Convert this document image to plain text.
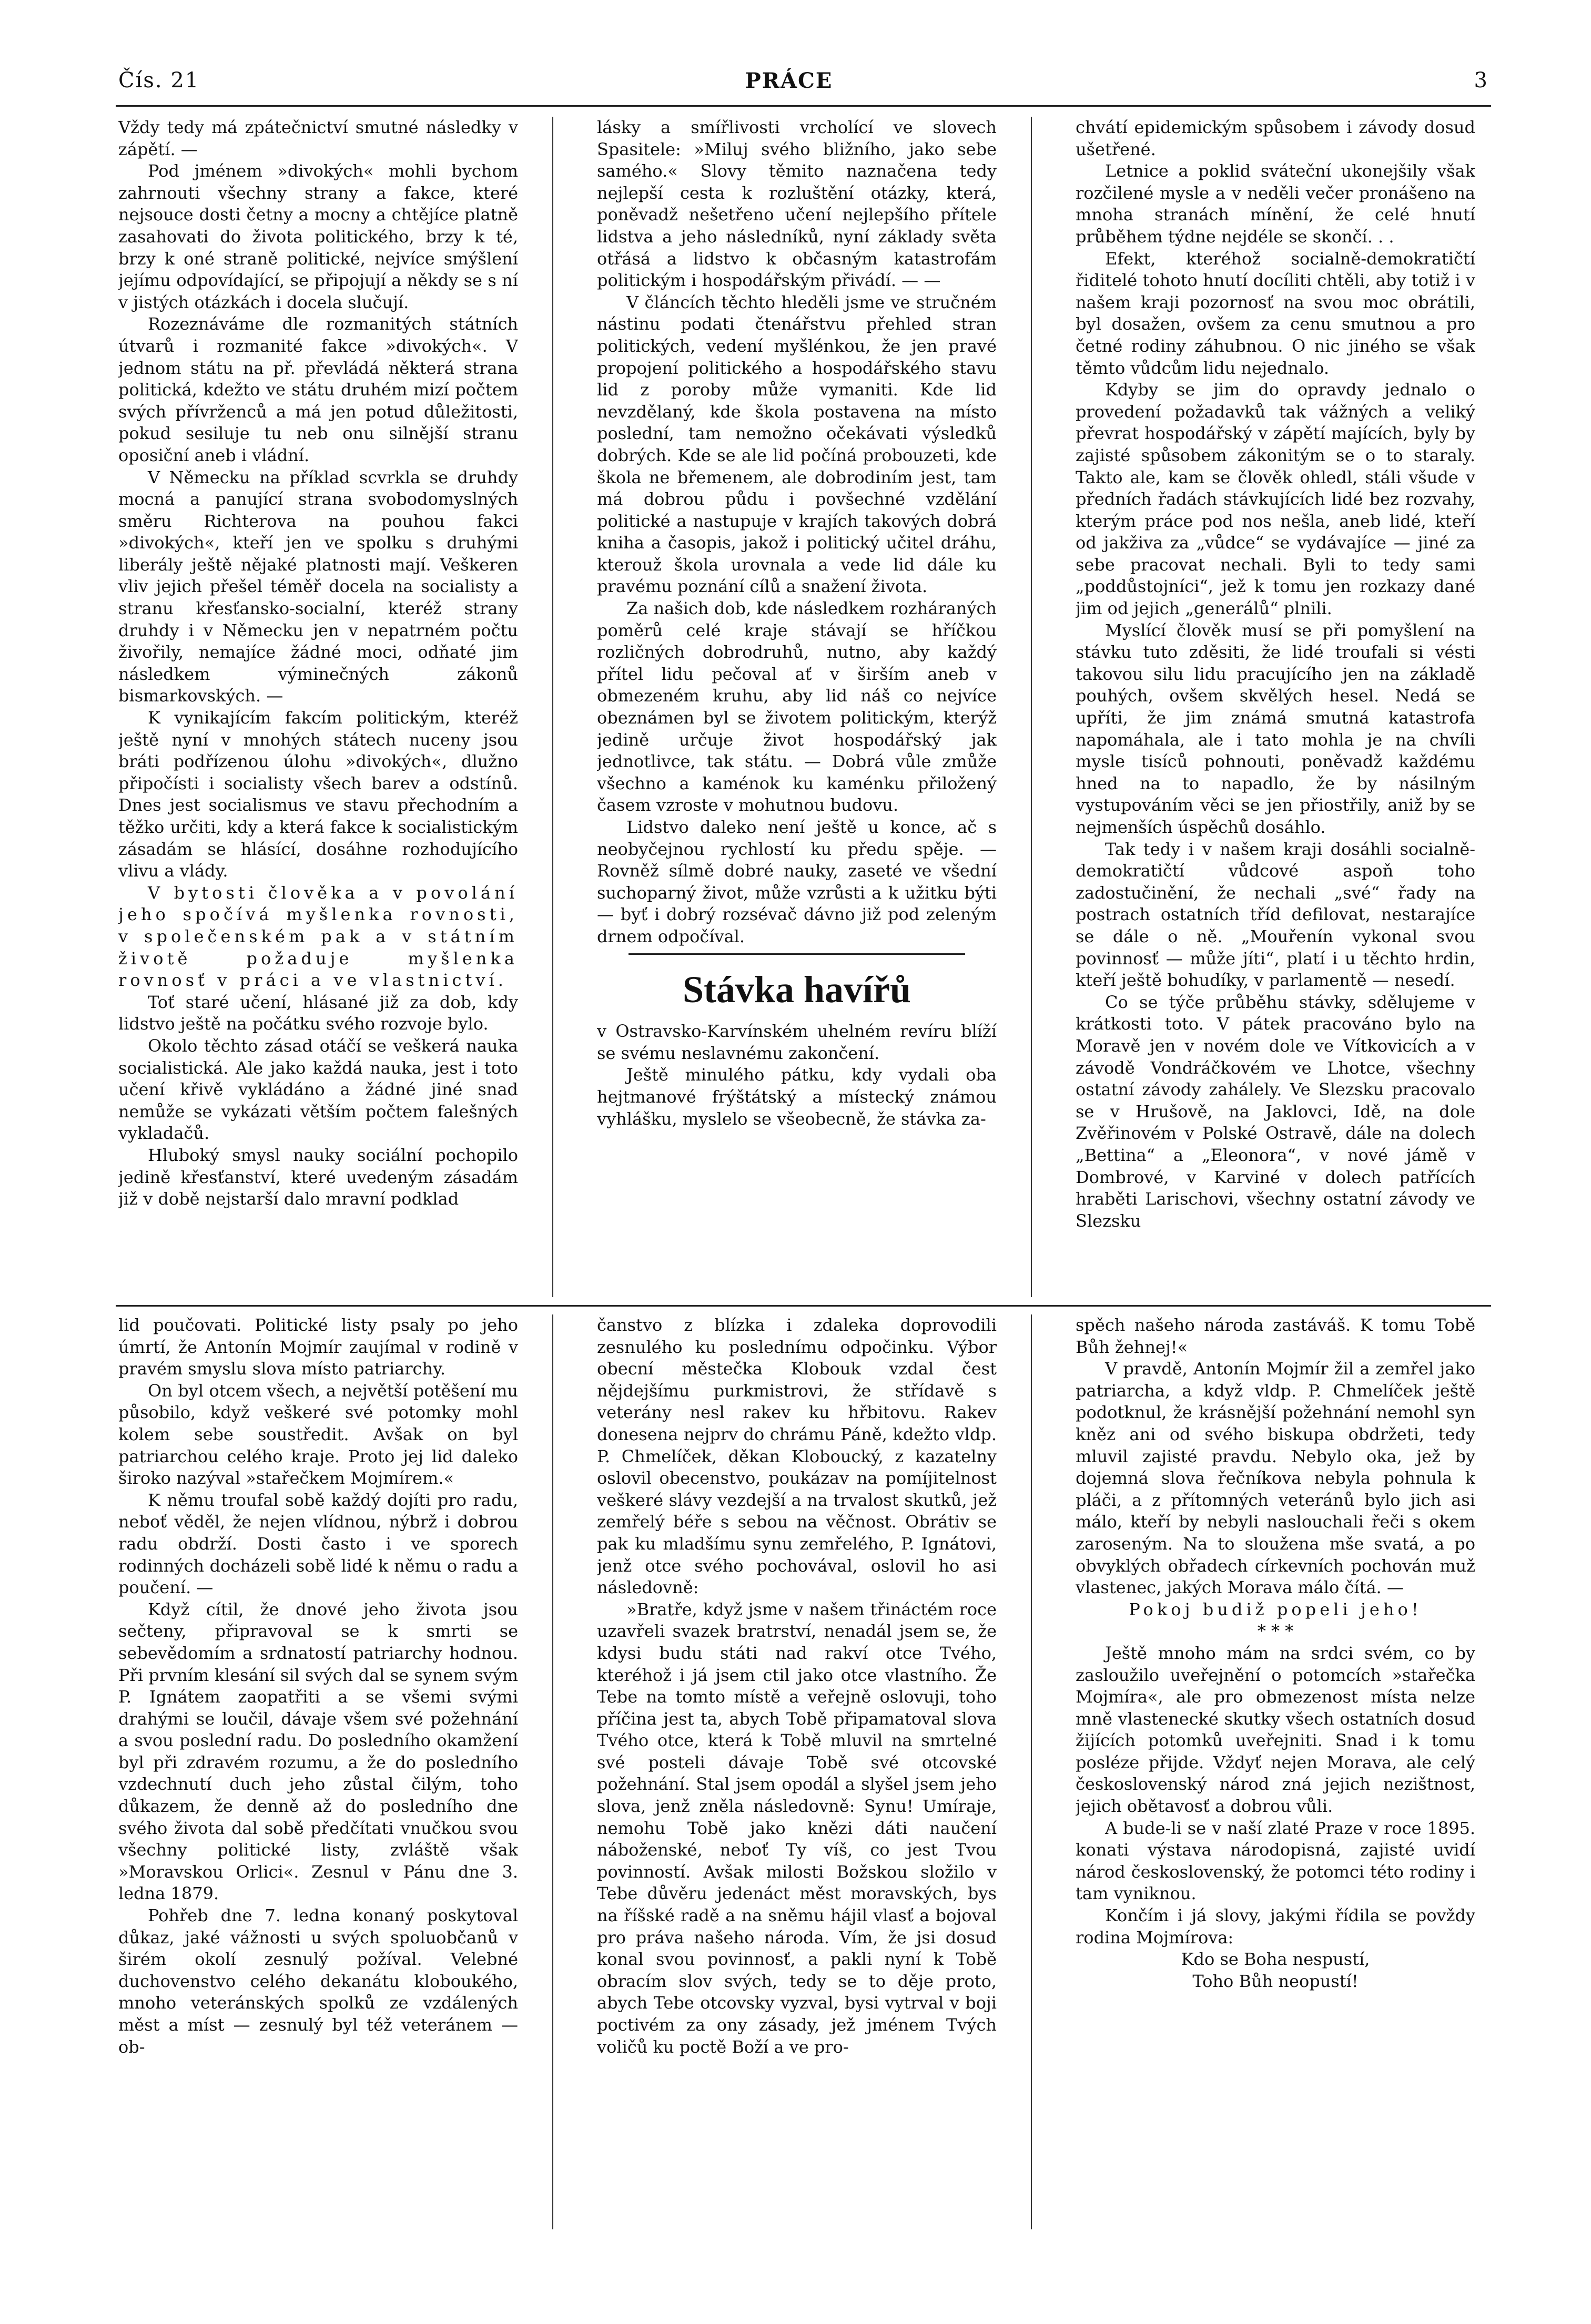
Čís. 21	PRÁCE	3

Vždy tedy má zpátečnictví smutné následky v zápětí. —

Pod jménem »divokých« mohli bychom zahrnouti všechny strany a fakce, které nejsouce dosti četny a mocny a chtějíce platně zasahovati do života politického, brzy k té, brzy k oné straně politické, nejvíce smýšlení jejímu odpovídající, se připojují a někdy se s ní v jistých otázkách i docela slučují.

Rozeznáváme dle rozmanitých státních útvarů i rozmanité fakce »divokých«. V jednom státu na př. převládá některá strana politická, kdežto ve státu druhém mizí počtem svých přívrženců a má jen potud důležitosti, pokud sesiluje tu neb onu silnější stranu oposiční aneb i vládní.

V Německu na příklad scvrkla se druhdy mocná a panující strana svobodomyslných směru Richterova na pouhou fakci »divokých«, kteří jen ve spolku s druhými liberály ještě nějaké platnosti mají. Veškeren vliv jejich přešel téměř docela na socialisty a stranu křesťansko-socialní, kteréž strany druhdy i v Německu jen v nepatrném počtu živořily, nemajíce žádné moci, odňaté jim následkem výminečných zákonů bismarkovských. —

K vynikajícím fakcím politickým, kteréž ještě nyní v mnohých státech nuceny jsou bráti podřízenou úlohu »divokých«, dlužno připočísti i socialisty všech barev a odstínů. Dnes jest socialismus ve stavu přechodním a těžko určiti, kdy a která fakce k socialistickým zásadám se hlásící, dosáhne rozhodujícího vlivu a vlády.

V bytosti člověka a v povolání jeho spočívá myšlenka rovnosti, v společenském pak a v státním životě požaduje myšlenka rovnosť v práci a ve vlastnictví.

Toť staré učení, hlásané již za dob, kdy lidstvo ještě na počátku svého rozvoje bylo.

Okolo těchto zásad otáčí se veškerá nauka socialistická. Ale jako každá nauka, jest i toto učení křivě vykládáno a žádné jiné snad nemůže se vykázati větším počtem falešných vykladačů.

Hluboký smysl nauky sociální pochopilo jedině křesťanství, které uvedeným zásadám již v době nejstarší dalo mravní podklad

lásky a smířlivosti vrcholící ve slovech Spasitele: »Miluj svého bližního, jako sebe samého.« Slovy těmito naznačena tedy nejlepší cesta k rozluštění otázky, která, poněvadž nešetřeno učení nejlepšího přítele lidstva a jeho následníků, nyní základy světa otřásá a lidstvo k občasným katastrofám politickým i hospodářským přivádí. — —

V článcích těchto hleděli jsme ve stručném nástinu podati čtenářstvu přehled stran politických, vedení myšlénkou, že jen pravé propojení politického a hospodářského stavu lid z poroby může vymaniti. Kde lid nevzdělaný, kde škola postavena na místo poslední, tam nemožno očekávati výsledků dobrých. Kde se ale lid počíná probouzeti, kde škola ne břemenem, ale dobrodiním jest, tam má dobrou půdu i povšechné vzdělání politické a nastupuje v krajích takových dobrá kniha a časopis, jakož i politický učitel dráhu, kterouž škola urovnala a vede lid dále ku pravému poznání cílů a snažení života.

Za našich dob, kde následkem rozháraných poměrů celé kraje stávají se hříčkou rozličných dobrodruhů, nutno, aby každý přítel lidu pečoval ať v širším aneb v obmezeném kruhu, aby lid náš co nejvíce obeznámen byl se životem politickým, kterýž jedině určuje život hospodářský jak jednotlivce, tak státu. — Dobrá vůle zmůže všechno a kaménok ku kaménku přiložený časem vzroste v mohutnou budovu.

Lidstvo daleko není ještě u konce, ač s neobyčejnou rychlostí ku předu spěje. — Rovněž sílmě dobré nauky, zaseté ve všední suchoparný život, může vzrůsti a k užitku býti — byť i dobrý rozsévač dávno již pod zeleným drnem odpočíval.

Stávka havířů

v Ostravsko-Karvínském uhelném revíru blíží se svému neslavnému zakončení.

Ještě minulého pátku, kdy vydali oba hejtmanové frýštátský a místecký známou vyhlášku, myslelo se všeobecně, že stávka za-

chvátí epidemickým spůsobem i závody dosud ušetřené.

Letnice a poklid sváteční ukonejšily však rozčilené mysle a v neděli večer pronášeno na mnoha stranách mínění, že celé hnutí průběhem týdne nejdéle se skončí. . .

Efekt, kteréhož socialně-demokratičtí řiditelé tohoto hnutí docíliti chtěli, aby totiž i v našem kraji pozornosť na svou moc obrátili, byl dosažen, ovšem za cenu smutnou a pro četné rodiny záhubnou. O nic jiného se však těmto vůdcům lidu nejednalo.

Kdyby se jim do opravdy jednalo o provedení požadavků tak vážných a veliký převrat hospodářský v zápětí majících, byly by zajisté spůsobem zákonitým se o to staraly. Takto ale, kam se člověk ohledl, stáli všude v předních řadách stávkujících lidé bez rozvahy, kterým práce pod nos nešla, aneb lidé, kteří od jakživa za „vůdce“ se vydávajíce — jiné za sebe pracovat nechali. Byli to tedy sami „poddůstojníci“, jež k tomu jen rozkazy dané jim od jejich „generálů“ plnili.

Myslící člověk musí se při pomyšlení na stávku tuto zděsiti, že lidé troufali si vésti takovou silu lidu pracujícího jen na základě pouhých, ovšem skvělých hesel. Nedá se upříti, že jim známá smutná katastrofa napomáhala, ale i tato mohla je na chvíli mysle tisíců pohnouti, poněvadž každému hned na to napadlo, že by násilným vystupováním věci se jen přiostřily, aniž by se nejmenších úspěchů dosáhlo.

Tak tedy i v našem kraji dosáhli socialně-demokratičtí vůdcové aspoň toho zadostučinění, že nechali „své“ řady na postrach ostatních tříd defilovat, nestarajíce se dále o ně. „Mouřenín vykonal svou povinnosť — může jíti“, platí i u těchto hrdin, kteří ještě bohudíky, v parlamentě — nesedí.

Co se týče průběhu stávky, sdělujeme v krátkosti toto. V pátek pracováno bylo na Moravě jen v novém dole ve Vítkovicích a v závodě Vondráčkovém ve Lhotce, všechny ostatní závody zahálely. Ve Slezsku pracovalo se v Hrušově, na Jaklovci, Idě, na dole Zvěřinovém v Polské Ostravě, dále na dolech „Bettina“ a „Eleonora“, v nové jámě v Dombrové, v Karviné v dolech patřících hraběti Larischovi, všechny ostatní závody ve Slezsku

lid poučovati. Politické listy psaly po jeho úmrtí, že Antonín Mojmír zaujímal v rodině v pravém smyslu slova místo patriarchy.

On byl otcem všech, a největší potěšení mu působilo, když veškeré své potomky mohl kolem sebe soustředit. Avšak on byl patriarchou celého kraje. Proto jej lid daleko široko nazýval »stařečkem Mojmírem.«

K němu troufal sobě každý dojíti pro radu, neboť věděl, že nejen vlídnou, nýbrž i dobrou radu obdrží. Dosti často i ve sporech rodinných docházeli sobě lidé k němu o radu a poučení. —

Když cítil, že dnové jeho života jsou sečteny, připravoval se k smrti se sebevědomím a srdnatostí patriarchy hodnou. Při prvním klesání sil svých dal se synem svým P. Ignátem zaopatřiti a se všemi svými drahými se loučil, dávaje všem své požehnání a svou poslední radu. Do posledního okamžení byl při zdravém rozumu, a že do posledního vzdechnutí duch jeho zůstal čilým, toho důkazem, že denně až do posledního dne svého života dal sobě předčítati vnučkou svou všechny politické listy, zvláště však »Moravskou Orlici«. Zesnul v Pánu dne 3. ledna 1879.

Pohřeb dne 7. ledna konaný poskytoval důkaz, jaké vážnosti u svých spoluobčanů v širém okolí zesnulý požíval. Velebné duchovenstvo celého dekanátu kloboukého, mnoho veteránských spolků ze vzdálených měst a míst — zesnulý byl též veteránem — ob-

čanstvo z blízka i zdaleka doprovodili zesnulého ku poslednímu odpočinku. Výbor obecní městečka Klobouk vzdal čest nějdejšímu purkmistrovi, že střídavě s veterány nesl rakev ku hřbitovu. Rakev donesena nejprv do chrámu Páně, kdežto vldp. P. Chmelíček, děkan Kloboucký, z kazatelny oslovil obecenstvo, poukázav na pomíjitelnost veškeré slávy vezdejší a na trvalost skutků, jež zemřelý béře s sebou na věčnost. Obrátiv se pak ku mladšímu synu zemřelého, P. Ignátovi, jenž otce svého pochovával, oslovil ho asi následovně:

»Bratře, když jsme v našem třináctém roce uzavřeli svazek bratrství, nenadál jsem se, že kdysi budu státi nad rakví otce Tvého, kteréhož i já jsem ctil jako otce vlastního. Že Tebe na tomto místě a veřejně oslovuji, toho příčina jest ta, abych Tobě připamatoval slova Tvého otce, která k Tobě mluvil na smrtelné své posteli dávaje Tobě své otcovské požehnání. Stal jsem opodál a slyšel jsem jeho slova, jenž zněla následovně: Synu! Umírajе, nemohu Tobě jako knězi dáti naučení náboženské, neboť Ty víš, co jest Tvou povinností. Avšak milosti Božskou složilo v Tebe důvěru jedenáct měst moravských, bys na říšské radě a na sněmu hájil vlasť a bojoval pro práva našeho národa. Vím, že jsi dosud konal svou povinnosť, a pakli nyní k Tobě obracím slov svých, tedy se to děje proto, abych Tebe otcovsky vyzval, bysi vytrval v boji poctivém za ony zásady, jež jménem Tvých voličů ku poctě Boží a ve pro-

spěch našeho národa zastáváš. K tomu Tobě Bůh žehnej!«

V pravdě, Antonín Mojmír žil a zemřel jako patriarcha, a když vldp. P. Chmelíček ještě podotknul, že krásnější požehnání nemohl syn kněz ani od svého biskupa obdržeti, tedy mluvil zajisté pravdu. Nebylo oka, jež by dojemná slova řečníkova nebyla pohnula k pláči, a z přítomných veteránů bylo jich asi málo, kteří by nebyli naslouchali řeči s okem zaroseným. Na to sloužena mše svatá, a po obvyklých obřadech církevních pochován muž vlastenec, jakých Morava málo čítá. —

Pokoj budiž popeli jeho!

* * *

Ještě mnoho mám na srdci svém, co by zasloužilo uveřejnění o potomcích »stařečka Mojmíra«, ale pro obmezenost místa nelze mně vlastenecké skutky všech ostatních dosud žijících potomků uveřejniti. Snad i k tomu posléze přijde. Vždyť nejen Morava, ale celý československý národ zná jejich nezištnost, jejich obětavosť a dobrou vůli.

A bude-li se v naší zlaté Praze v roce 1895. konati výstava národopisná, zajisté uvidí národ československý, že potomci této rodiny i tam vyniknou.

Končím i já slovy, jakými řídila se povždy rodina Mojmírova:

Kdo se Boha nespustí,

Toho Bůh neopustí!
